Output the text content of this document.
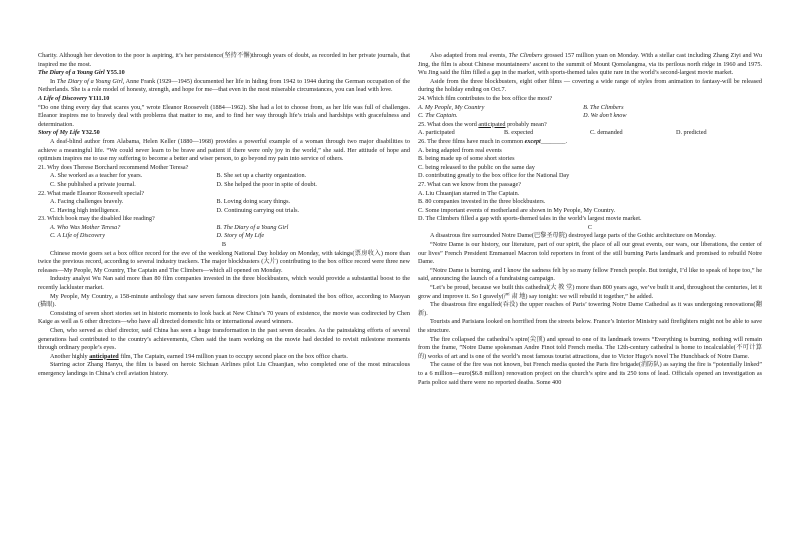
Charity. Although her devotion to the poor is aspiring, it’s her persistence(坚持不懈)through years of doubt, as recorded in her private journals, that inspired me the most.

The Diary of a Young Girl Y55.10

In The Diary of a Young Girl, Anne Frank (1929—1945) documented her life in hiding from 1942 to 1944 during the German occupation of the Netherlands. She is a role model of honesty, strength, and hope for me—that even in the most miserable circumstances, you can lead with love.

A Life of Discovery Y111.10

“Do one thing every day that scares you,” wrote Eleanor Roosevelt (1884—1962). She had a lot to choose from, as her life was full of challenges. Eleanor inspires me to bravely deal with problems that matter to me, and to find her way through life’s trials and hardships with gracefulness and determination.

Story of My Life Y32.50

A deaf-blind author from Alabama, Helen Keller (1880—1968) provides a powerful example of a woman through two major disabilities to achieve a meaningful life. “We could never learn to be brave and patient if there were only joy in the world,” she said. Her attitude of hope and optimism inspires me to use my suffering to become a better and wiser person, to go beyond my pain into service of others.

21. Why does Therese Borchard recommend Mother Teresa?

A. She worked as a teacher for years.	B. She set up a charity organization.

C. She published a private journal.	D. She helped the poor in spite of doubt.

22. What made Eleanor Roosevelt special?

A. Facing challenges bravely.	B. Loving doing scary things.

C. Having high intelligence.	D. Continuing carrying out trials.

23. Which book may the disabled like reading?

A. Who Was Mother Teresa?	B. The Diary of a Young Girl

C. A Life of Discovery	D. Story of My Life

B

Chinese movie goers set a box office record for the eve of the weeklong National Day holiday on Monday, with takings(票房收入) more than twice the previous record, according to several industry trackers. The major blockbusters (大片) contributing to the box office record were three new releases—My People, My Country, The Captain and The Climbers—which all opened on Monday.

Industry analyst Wu Nan said more than 80 film companies invested in the three blockbusters, which would provide a substantial boost to the recently lackluster market.

My People, My Country, a 158-minute anthology that saw seven famous directors join hands, dominated the box office, according to Maoyan (猫眼).

Consisting of seven short stories set in historic moments to look back at New China’s 70 years of existence, the movie was codirected by Chen Kaige as well as 6 other directors—who have all directed domestic hits or international award winners.

Chen, who served as chief director, said China has seen a huge transformation in the past seven decades. As the painstaking efforts of several generations had contributed to the country’s achievements, Chen said the team working on the movie had decided to revisit milestone moments through ordinary people’s eyes.

Another highly anticipated film, The Captain, earned 194 million yuan to occupy second place on the box office charts.

Starring actor Zhang Hanyu, the film is based on heroic Sichuan Airlines pilot Liu Chuanjian, who completed one of the most miraculous emergency landings in China’s civil aviation history.

Also adapted from real events, The Climbers grossed 157 million yuan on Monday. With a stellar cast including Zhang Ziyi and Wu Jing, the film is about Chinese mountaineers’ ascent to the summit of Mount Qomolangma, via its perilous north ridge in 1960 and 1975. Wu Jing said the film filled a gap in the market, with sports-themed tales quite rare in the world’s second-largest movie market.

Aside from the three blockbusters, eight other films — covering a wide range of styles from animation to fantasy-will be released during the holiday ending on Oct.7.

24. Which film contributes to the box office the most?

A. My People, My Country	B. The Climbers

C. The Captain.	D. We don’t know

25. What does the word anticipated probably mean?

A. participated	B. expected	C. demanded	D. predicted

26. The three films have much in common except________.

A. being adapted from real events

B. being made up of some short stories

C. being released to the public on the same day

D. contributing greatly to the box office for the National Day

27. What can we know from the passage?

A. Liu Chuanjian starred in The Captain.

B. 80 companies invested in the three blockbusters.

C. Some important events of motherland are shown in My People, My Country.

D. The Climbers filled a gap with sports-themed tales in the world’s largest movie market.

C

A disastrous fire surrounded Notre Dame(巴黎圣母院) destroyed large parts of the Gothic architecture on Monday.

“Notre Dame is our history, our literature, part of our spirit, the place of all our great events, our wars, our liberations, the center of our lives” French President Emmanuel Macron told reporters in front of the still burning Paris landmark and promised to rebuild Notre Dame.

“Notre Dame is burning, and I know the sadness felt by so many fellow French people. But tonight, I’d like to speak of hope too,” he said, announcing the launch of a fundraising campaign.

“Let’s be proud, because we built this cathedral(大 教 堂) more than 800 years ago, we’ve built it and, throughout the centuries, let it grow and improve it. So I gravely(严 肃 地) say tonight: we will rebuild it together,” he added.

The disastrous fire engulfed(吞没) the upper reaches of Paris’ towering Notre Dame Cathedral as it was undergoing renovations(翻新).

Tourists and Parisians looked on horrified from the streets below. France’s Interior Ministry said firefighters might not be able to save the structure.

The fire collapsed the cathedral’s spire(尖顶) and spread to one of its landmark towers “Everything is burning, nothing will remain from the frame, ”Notre Dame spokesman Andre Finot told French media. The 12th-century cathedral is home to incalculable(不可计算的) works of art and is one of the world’s most famous tourist attractions, due to Victor Hugo’s novel The Hunchback of Notre Dame.

The cause of the fire was not known, but French media quoted the Paris fire brigade(消防队) as saying the fire is “potentially linked” to a 6 million—euro($6.8 million) renovation project on the church’s spire and its 250 tons of lead. Officials opened an investigation as Paris police said there were no reported deaths. Some 400
